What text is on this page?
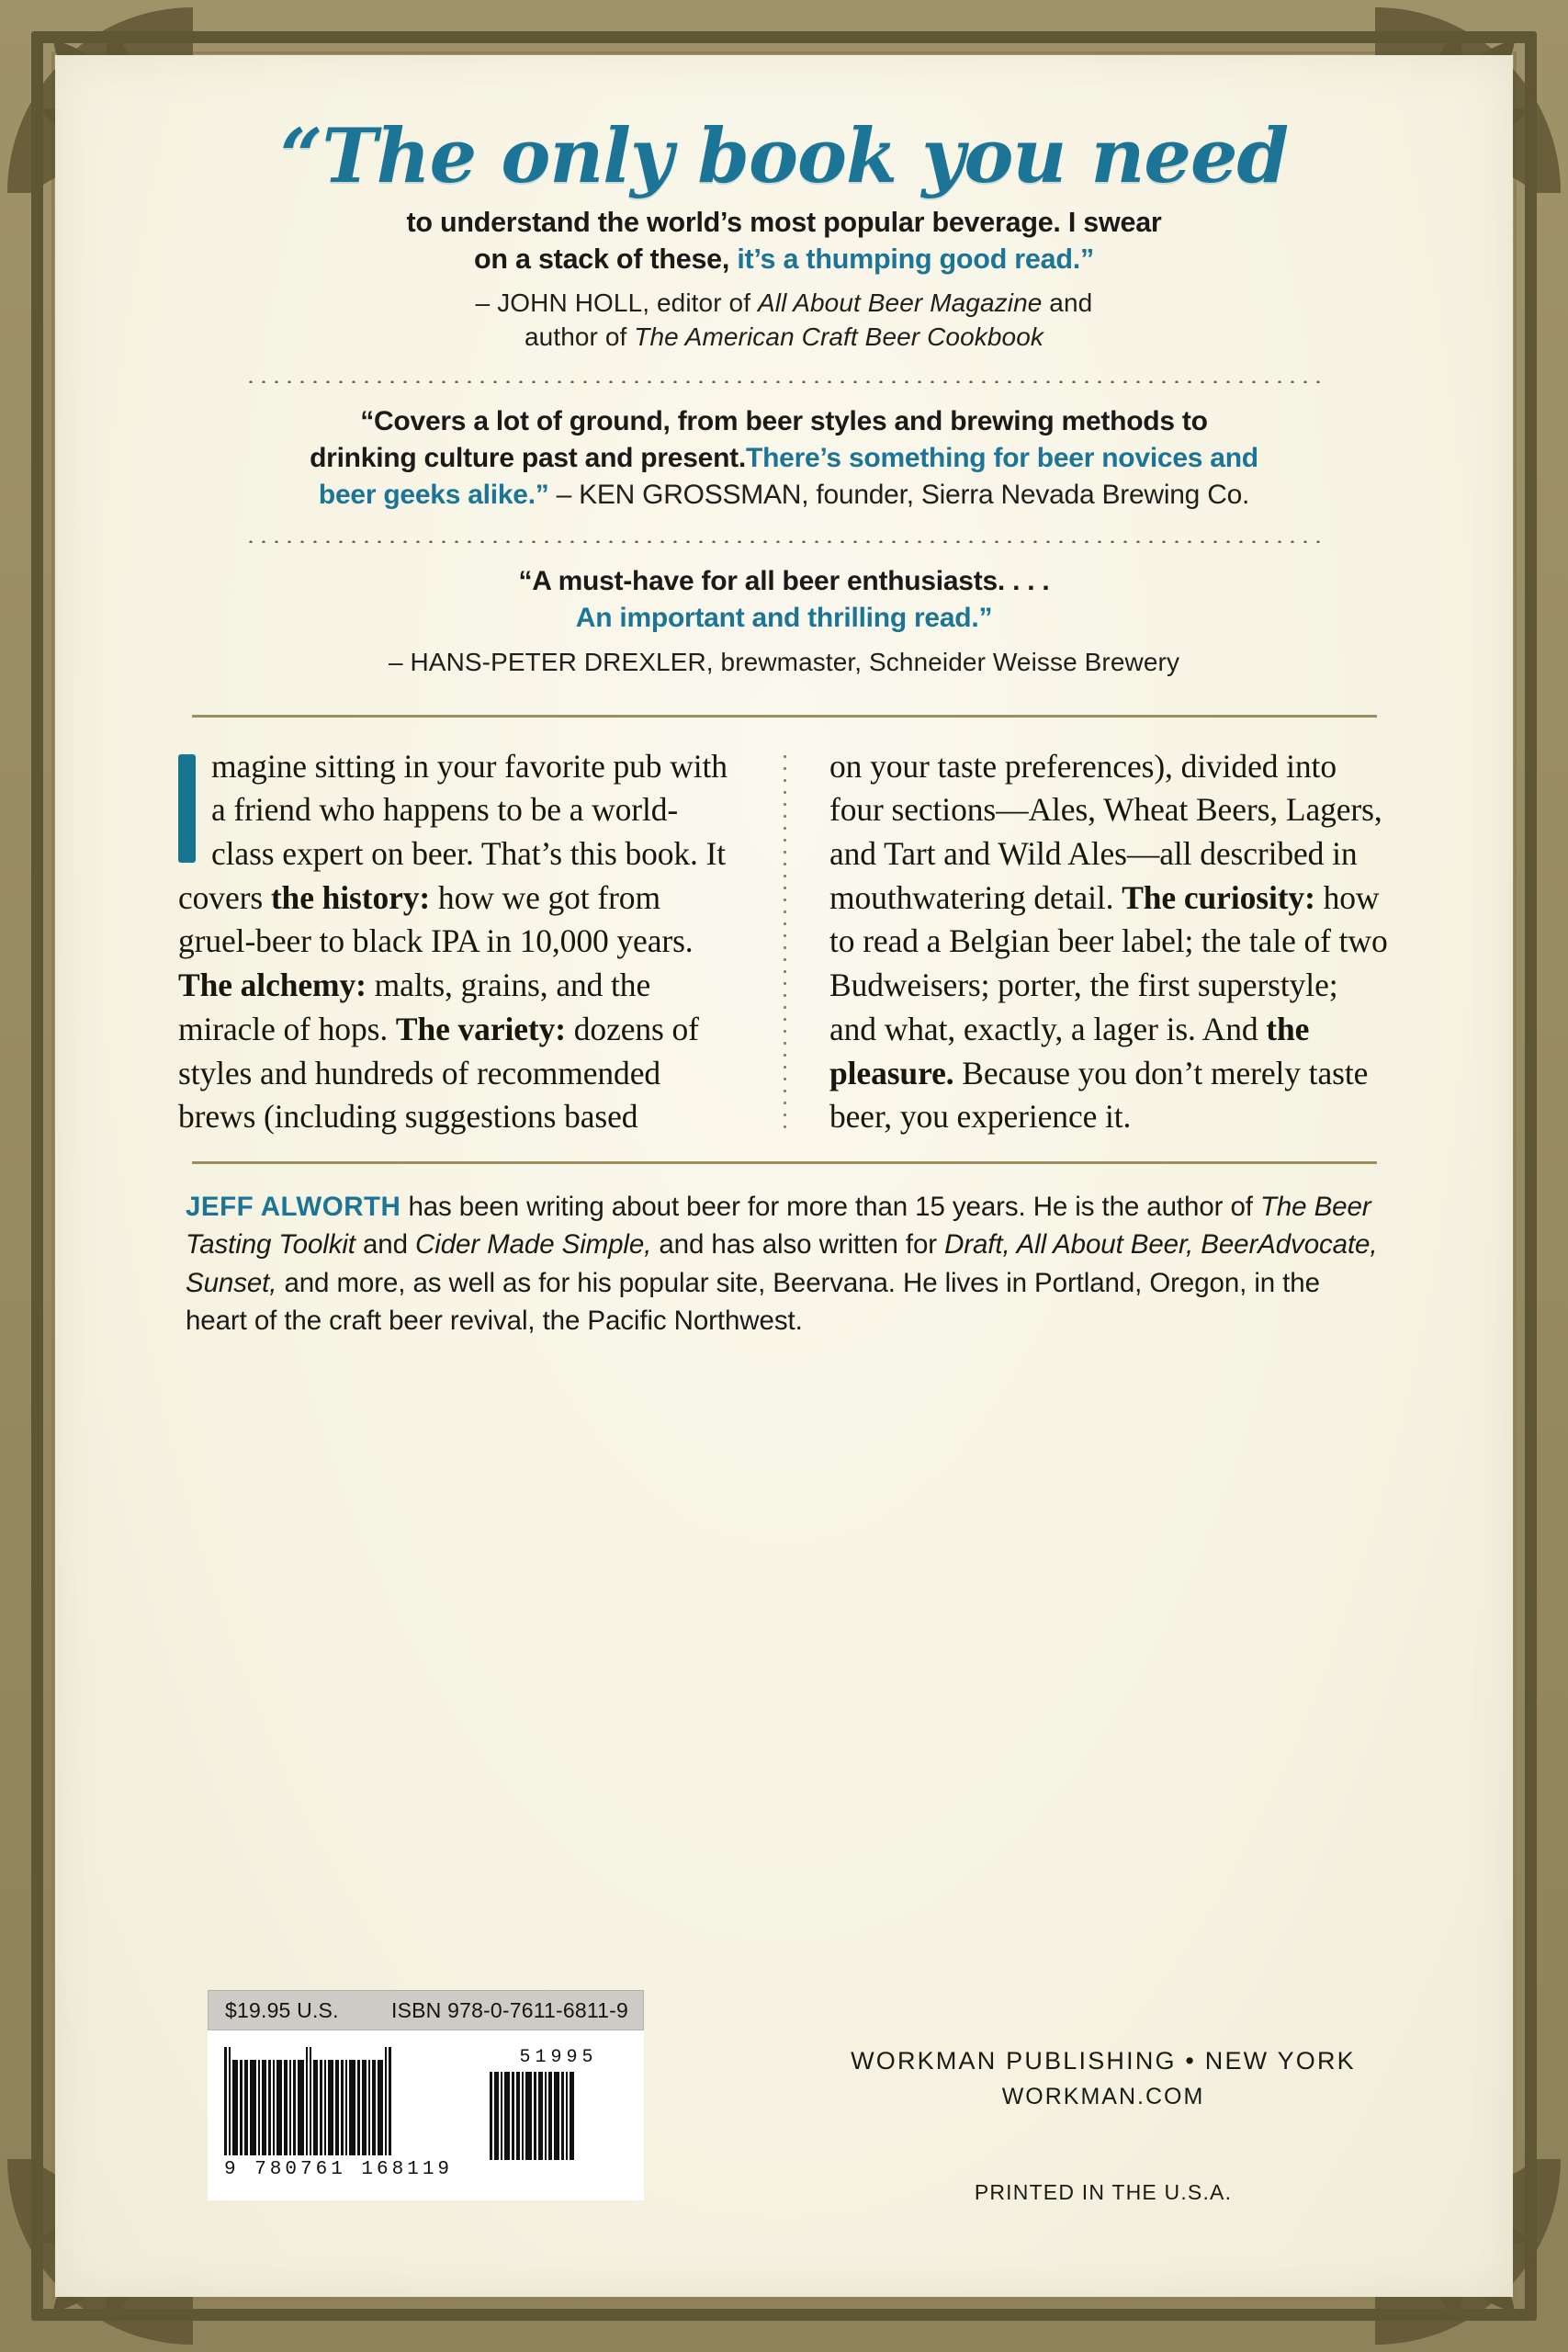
“The only book you need
to understand the world’s most popular beverage. I swear
on a stack of these, it’s a thumping good read.”
– JOHN HOLL, editor of All About Beer Magazine and
author of The American Craft Beer Cookbook
“Covers a lot of ground, from beer styles and brewing methods to
drinking culture past and present.There’s something for beer novices and
beer geeks alike.” – KEN GROSSMAN, founder, Sierra Nevada Brewing Co.
“A must-have for all beer enthusiasts. . . .
An important and thrilling read.”
– HANS-PETER DREXLER, brewmaster, Schneider Weisse Brewery
magine sitting in your favorite pub with a friend who happens to be a world-class expert on beer. That’s this book. It covers the history: how we got from gruel-beer to black IPA in 10,000 years. The alchemy: malts, grains, and the miracle of hops. The variety: dozens of styles and hundreds of recommended brews (including suggestions based
on your taste preferences), divided into four sections—Ales, Wheat Beers, Lagers, and Tart and Wild Ales—all described in mouthwatering detail. The curiosity: how to read a Belgian beer label; the tale of two Budweisers; porter, the first superstyle; and what, exactly, a lager is. And the pleasure. Because you don’t merely taste beer, you experience it.
JEFF ALWORTH has been writing about beer for more than 15 years. He is the author of The Beer Tasting Toolkit and Cider Made Simple, and has also written for Draft, All About Beer, BeerAdvocate, Sunset, and more, as well as for his popular site, Beervana. He lives in Portland, Oregon, in the heart of the craft beer revival, the Pacific Northwest.
$19.95 U.S. ISBN 978-0-7611-6811-9
9 780761 168119
51995	WORKMAN PUBLISHING • NEW YORK
WORKMAN.COM
PRINTED IN THE U.S.A.
